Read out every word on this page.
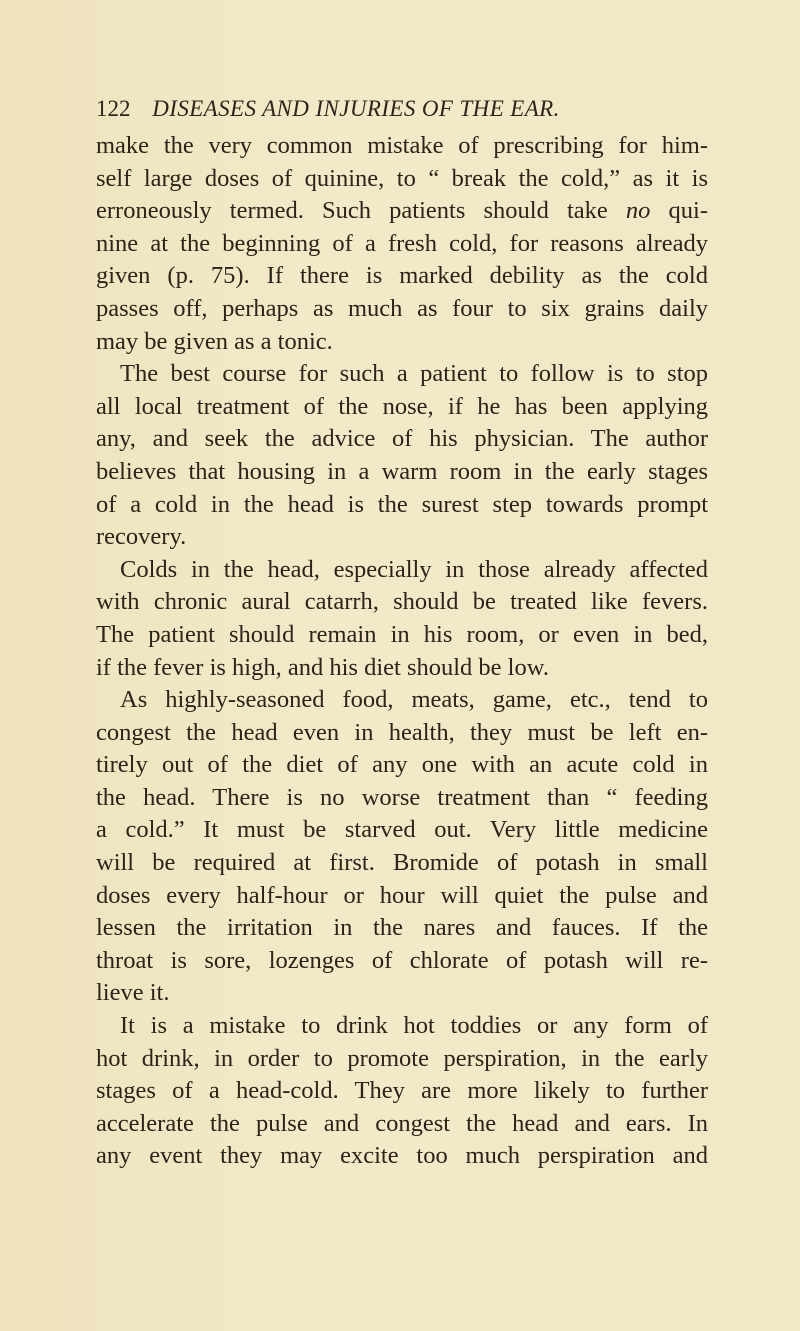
122 DISEASES AND INJURIES OF THE EAR.
make the very common mistake of prescribing for him-
self large doses of quinine, to “ break the cold,” as it is
erroneously termed. Such patients should take no qui-
nine at the beginning of a fresh cold, for reasons already
given (p. 75). If there is marked debility as the cold
passes off, perhaps as much as four to six grains daily
may be given as a tonic.
The best course for such a patient to follow is to stop
all local treatment of the nose, if he has been applying
any, and seek the advice of his physician. The author
believes that housing in a warm room in the early stages
of a cold in the head is the surest step towards prompt
recovery.
Colds in the head, especially in those already affected
with chronic aural catarrh, should be treated like fevers.
The patient should remain in his room, or even in bed,
if the fever is high, and his diet should be low.
As highly-seasoned food, meats, game, etc., tend to
congest the head even in health, they must be left en-
tirely out of the diet of any one with an acute cold in
the head. There is no worse treatment than “ feeding
a cold.” It must be starved out. Very little medicine
will be required at first. Bromide of potash in small
doses every half-hour or hour will quiet the pulse and
lessen the irritation in the nares and fauces. If the
throat is sore, lozenges of chlorate of potash will re-
lieve it.
It is a mistake to drink hot toddies or any form of
hot drink, in order to promote perspiration, in the early
stages of a head-cold. They are more likely to further
accelerate the pulse and congest the head and ears. In
any event they may excite too much perspiration and
